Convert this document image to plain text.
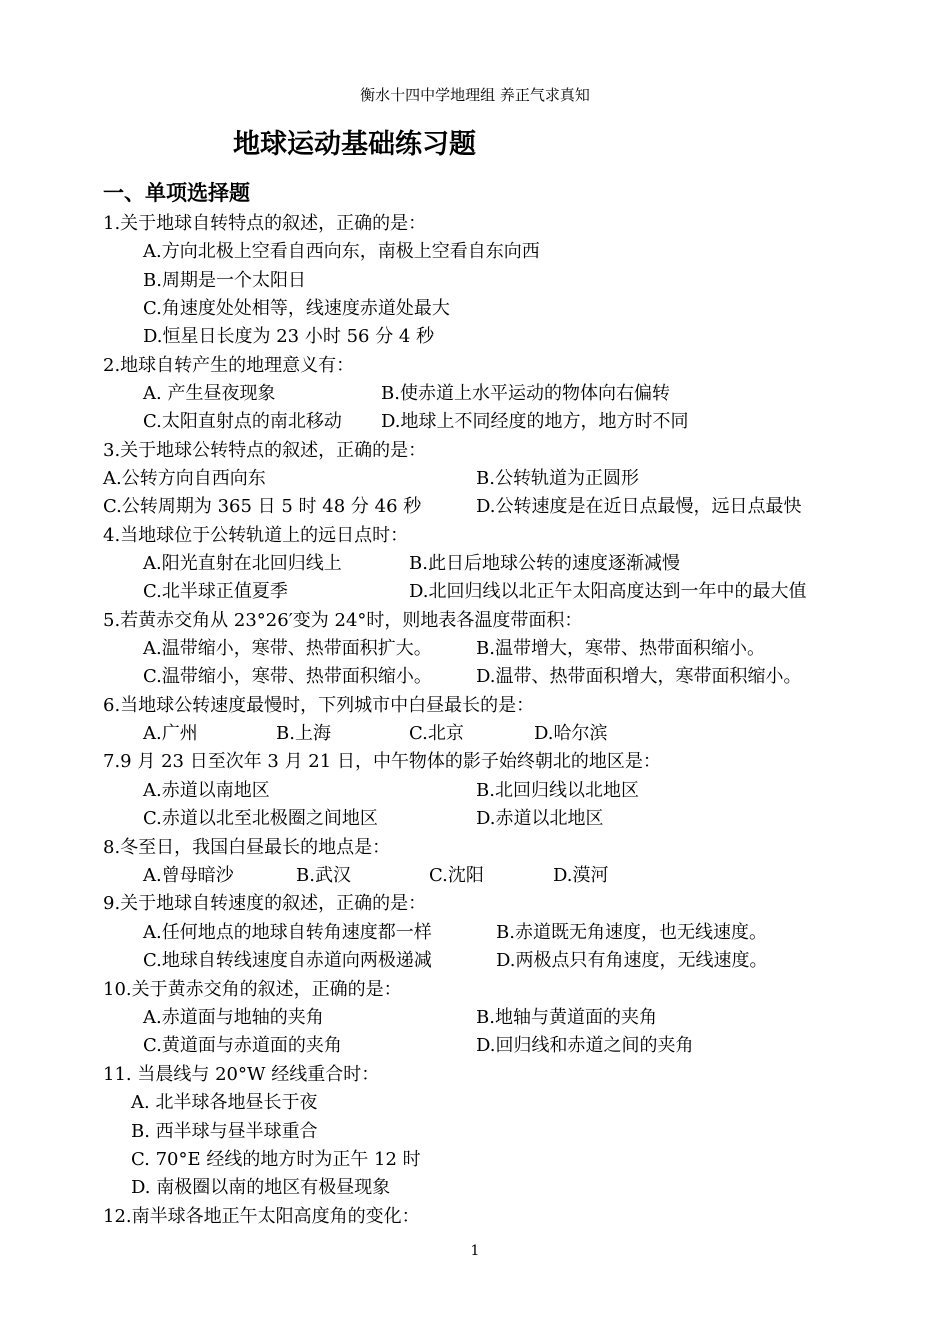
衡水十四中学地理组 养正气求真知
地球运动基础练习题
一、单项选择题
1.关于地球自转特点的叙述，正确的是：
A.方向北极上空看自西向东，南极上空看自东向西
B.周期是一个太阳日
C.角速度处处相等，线速度赤道处最大
D.恒星日长度为 23 小时 56 分 4 秒
2.地球自转产生的地理意义有：
A. 产生昼夜现象	B.使赤道上水平运动的物体向右偏转
C.太阳直射点的南北移动 D.地球上不同经度的地方，地方时不同
3.关于地球公转特点的叙述，正确的是：
A.公转方向自西向东	B.公转轨道为正圆形
C.公转周期为 365 日 5 时 48 分 46 秒	D.公转速度是在近日点最慢，远日点最快
4.当地球位于公转轨道上的远日点时：
A.阳光直射在北回归线上	B.此日后地球公转的速度逐渐减慢
C.北半球正值夏季	D.北回归线以北正午太阳高度达到一年中的最大值
5.若黄赤交角从 23°26′变为 24°时，则地表各温度带面积：
A.温带缩小，寒带、热带面积扩大。 B.温带增大，寒带、热带面积缩小。
C.温带缩小，寒带、热带面积缩小。 D.温带、热带面积增大，寒带面积缩小。
6.当地球公转速度最慢时，下列城市中白昼最长的是：
A.广州	B.上海	C.北京	D.哈尔滨
7.9 月 23 日至次年 3 月 21 日，中午物体的影子始终朝北的地区是：
A.赤道以南地区	B.北回归线以北地区
C.赤道以北至北极圈之间地区	D.赤道以北地区
8.冬至日，我国白昼最长的地点是：
A.曾母暗沙	B.武汉	C.沈阳	D.漠河
9.关于地球自转速度的叙述，正确的是：
A.任何地点的地球自转角速度都一样	B.赤道既无角速度，也无线速度。
C.地球自转线速度自赤道向两极递减	D.两极点只有角速度，无线速度。
10.关于黄赤交角的叙述，正确的是：
A.赤道面与地轴的夹角	B.地轴与黄道面的夹角
C.黄道面与赤道面的夹角	D.回归线和赤道之间的夹角
11. 当晨线与 20°W 经线重合时：
A. 北半球各地昼长于夜
B. 西半球与昼半球重合
C. 70°E 经线的地方时为正午 12 时
D. 南极圈以南的地区有极昼现象
12.南半球各地正午太阳高度角的变化：
1
